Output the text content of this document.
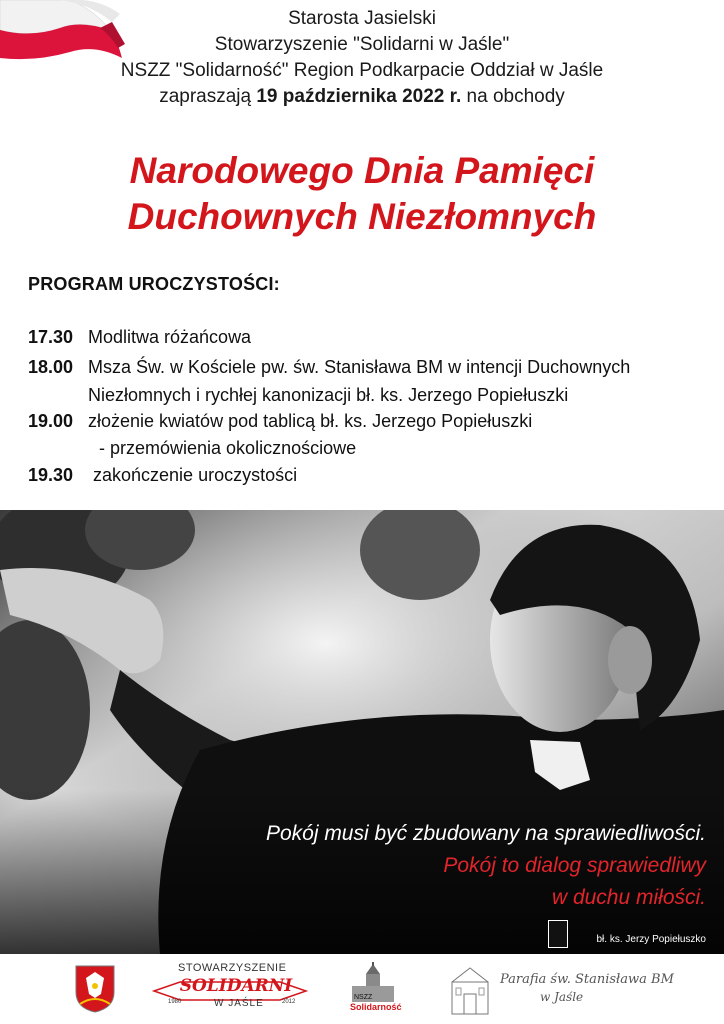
Starosta Jasielski
Stowarzyszenie "Solidarni w Jaśle"
NSZZ "Solidarność" Region Podkarpacie Oddział w Jaśle
zapraszają 19 października 2022 r. na obchody
Narodowego Dnia Pamięci
Duchownych Niezłomnych
PROGRAM UROCZYSTOŚCI:
17.30 Modlitwa różańcowa
18.00 Msza Św. w Kościele pw. św. Stanisława BM w intencji Duchownych
Niezłomnych i rychłej kanonizacji bł. ks. Jerzego Popiełuszki
19.00 złożenie kwiatów pod tablicą bł. ks. Jerzego Popiełuszki
- przemówienia okolicznościowe
19.30 zakończenie uroczystości
Pokój musi być zbudowany na sprawiedliwości.
Pokój to dialog sprawiedliwy
w duchu miłości.
bł. ks. Jerzy Popiełuszko
STOWARZYSZENIE
1980	2012
SOLIDARNI
W JAŚLE
NSZZ
Solidarność
Parafia św. Stanisława BM
w Jaśle
